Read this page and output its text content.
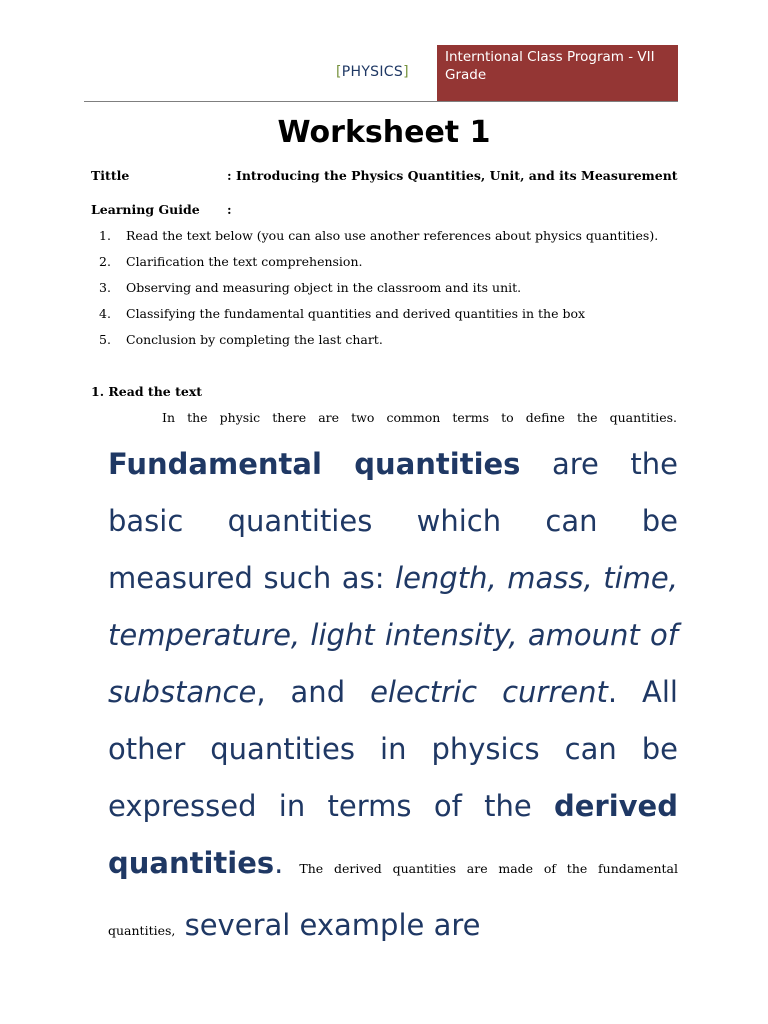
[PHYSICS]
Interntional Class Program - VII Grade
Worksheet 1
Tittle	: Introducing the Physics Quantities, Unit, and its Measurement
Learning Guide :
1. Read the text below (you can also use another references about physics quantities).
2. Clarification the text comprehension.
3. Observing and measuring object in the classroom and its unit.
4. Classifying the fundamental quantities and derived quantities in the box
5. Conclusion by completing the last chart.
1. Read the text
In the physic there are two common terms to define the quantities.
Fundamental quantities are the basic quantities which can be measured such as: length, mass, time, temperature, light intensity, amount of substance, and electric current. All other quantities in physics can be expressed in terms of the derived quantities. The derived quantities are made of the fundamental quantities, several example are
